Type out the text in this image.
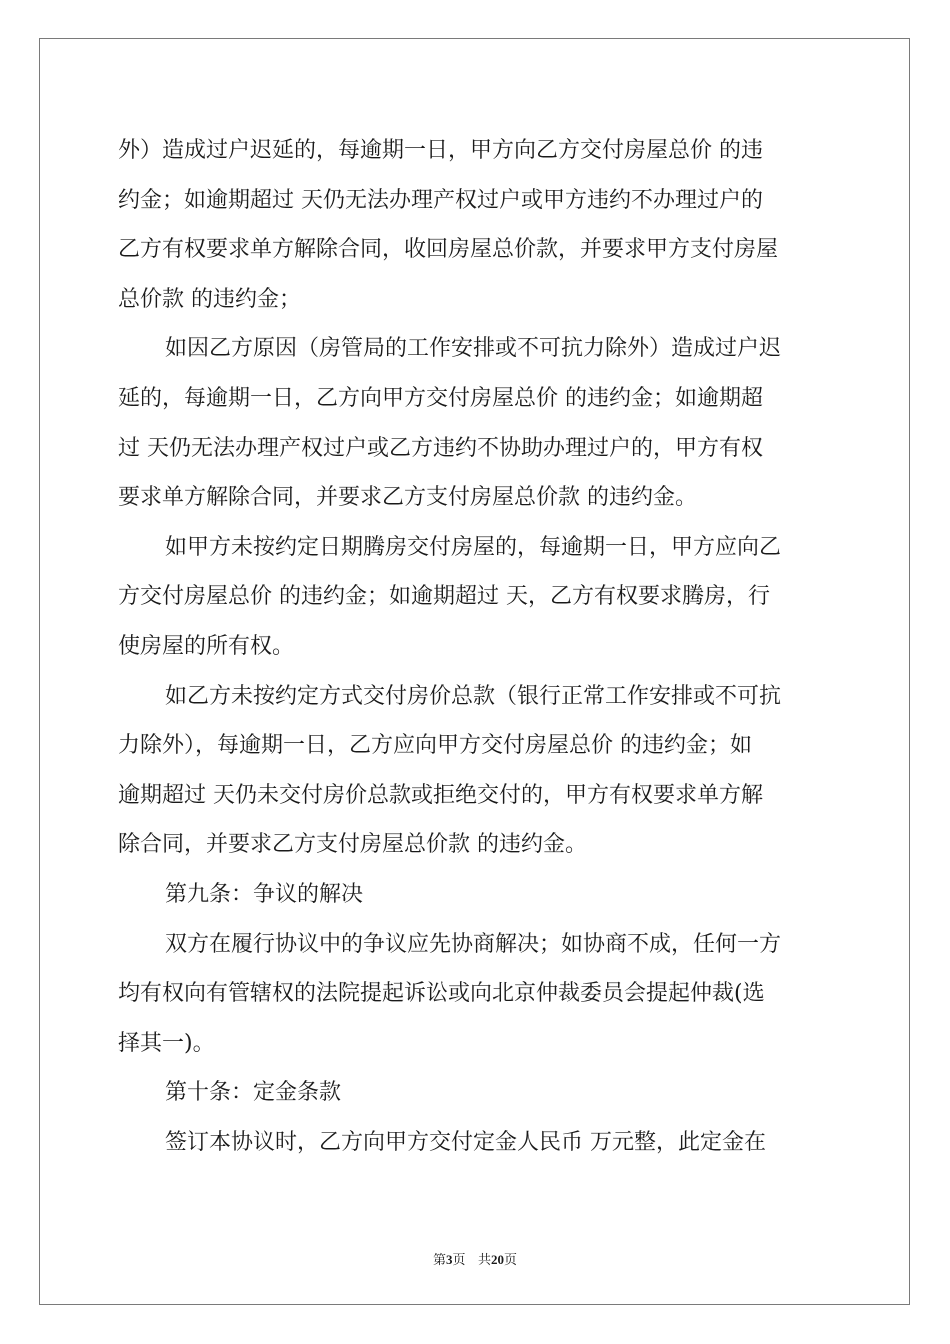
外）造成过户迟延的，每逾期一日，甲方向乙方交付房屋总价 的违

约金；如逾期超过 天仍无法办理产权过户或甲方违约不办理过户的

乙方有权要求单方解除合同，收回房屋总价款，并要求甲方支付房屋

总价款 的违约金；

如因乙方原因（房管局的工作安排或不可抗力除外）造成过户迟

延的，每逾期一日，乙方向甲方交付房屋总价 的违约金；如逾期超

过 天仍无法办理产权过户或乙方违约不协助办理过户的，甲方有权

要求单方解除合同，并要求乙方支付房屋总价款 的违约金。

如甲方未按约定日期腾房交付房屋的，每逾期一日，甲方应向乙

方交付房屋总价 的违约金；如逾期超过 天，乙方有权要求腾房，行

使房屋的所有权。

如乙方未按约定方式交付房价总款（银行正常工作安排或不可抗

力除外），每逾期一日，乙方应向甲方交付房屋总价 的违约金；如

逾期超过 天仍未交付房价总款或拒绝交付的，甲方有权要求单方解

除合同，并要求乙方支付房屋总价款 的违约金。

第九条：争议的解决

双方在履行协议中的争议应先协商解决；如协商不成，任何一方

均有权向有管辖权的法院提起诉讼或向北京仲裁委员会提起仲裁(选

择其一)。

第十条：定金条款

签订本协议时，乙方向甲方交付定金人民币 万元整，此定金在

第3页   共20页
